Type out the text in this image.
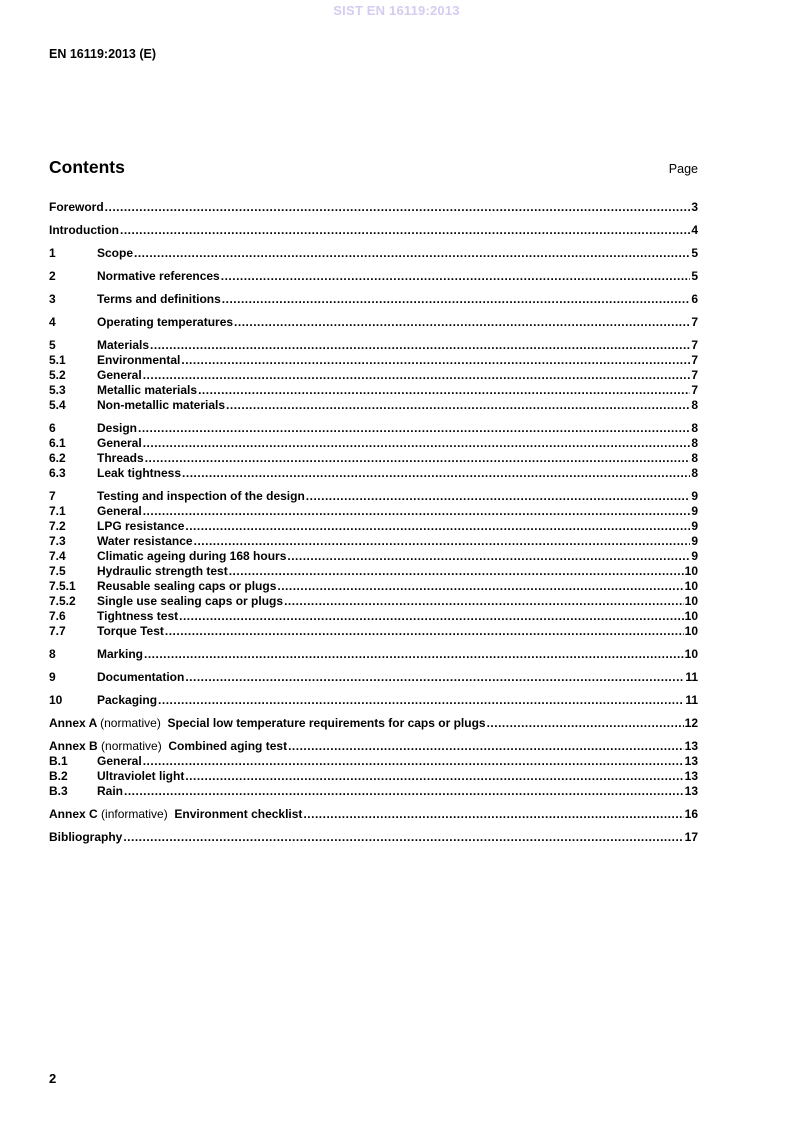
SIST EN 16119:2013
EN 16119:2013 (E)
Contents	Page
Foreword .....	3
Introduction .....	4
1	Scope .....	5
2	Normative references .....	5
3	Terms and definitions .....	6
4	Operating temperatures .....	7
5	Materials .....	7
5.1	Environmental .....	7
5.2	General .....	7
5.3	Metallic materials .....	7
5.4	Non-metallic materials .....	8
6	Design .....	8
6.1	General .....	8
6.2	Threads .....	8
6.3	Leak tightness .....	8
7	Testing and inspection of the design .....	9
7.1	General .....	9
7.2	LPG resistance .....	9
7.3	Water resistance .....	9
7.4	Climatic ageing during 168 hours .....	9
7.5	Hydraulic strength test .....	10
7.5.1	Reusable sealing caps or plugs .....	10
7.5.2	Single use sealing caps or plugs .....	10
7.6	Tightness test .....	10
7.7	Torque Test .....	10
8	Marking .....	10
9	Documentation .....	11
10	Packaging .....	11
Annex A (normative) Special low temperature requirements for caps or plugs .....	12
Annex B (normative) Combined aging test .....	13
B.1	General .....	13
B.2	Ultraviolet light .....	13
B.3	Rain .....	13
Annex C (informative) Environment checklist .....	16
Bibliography .....	17
2
